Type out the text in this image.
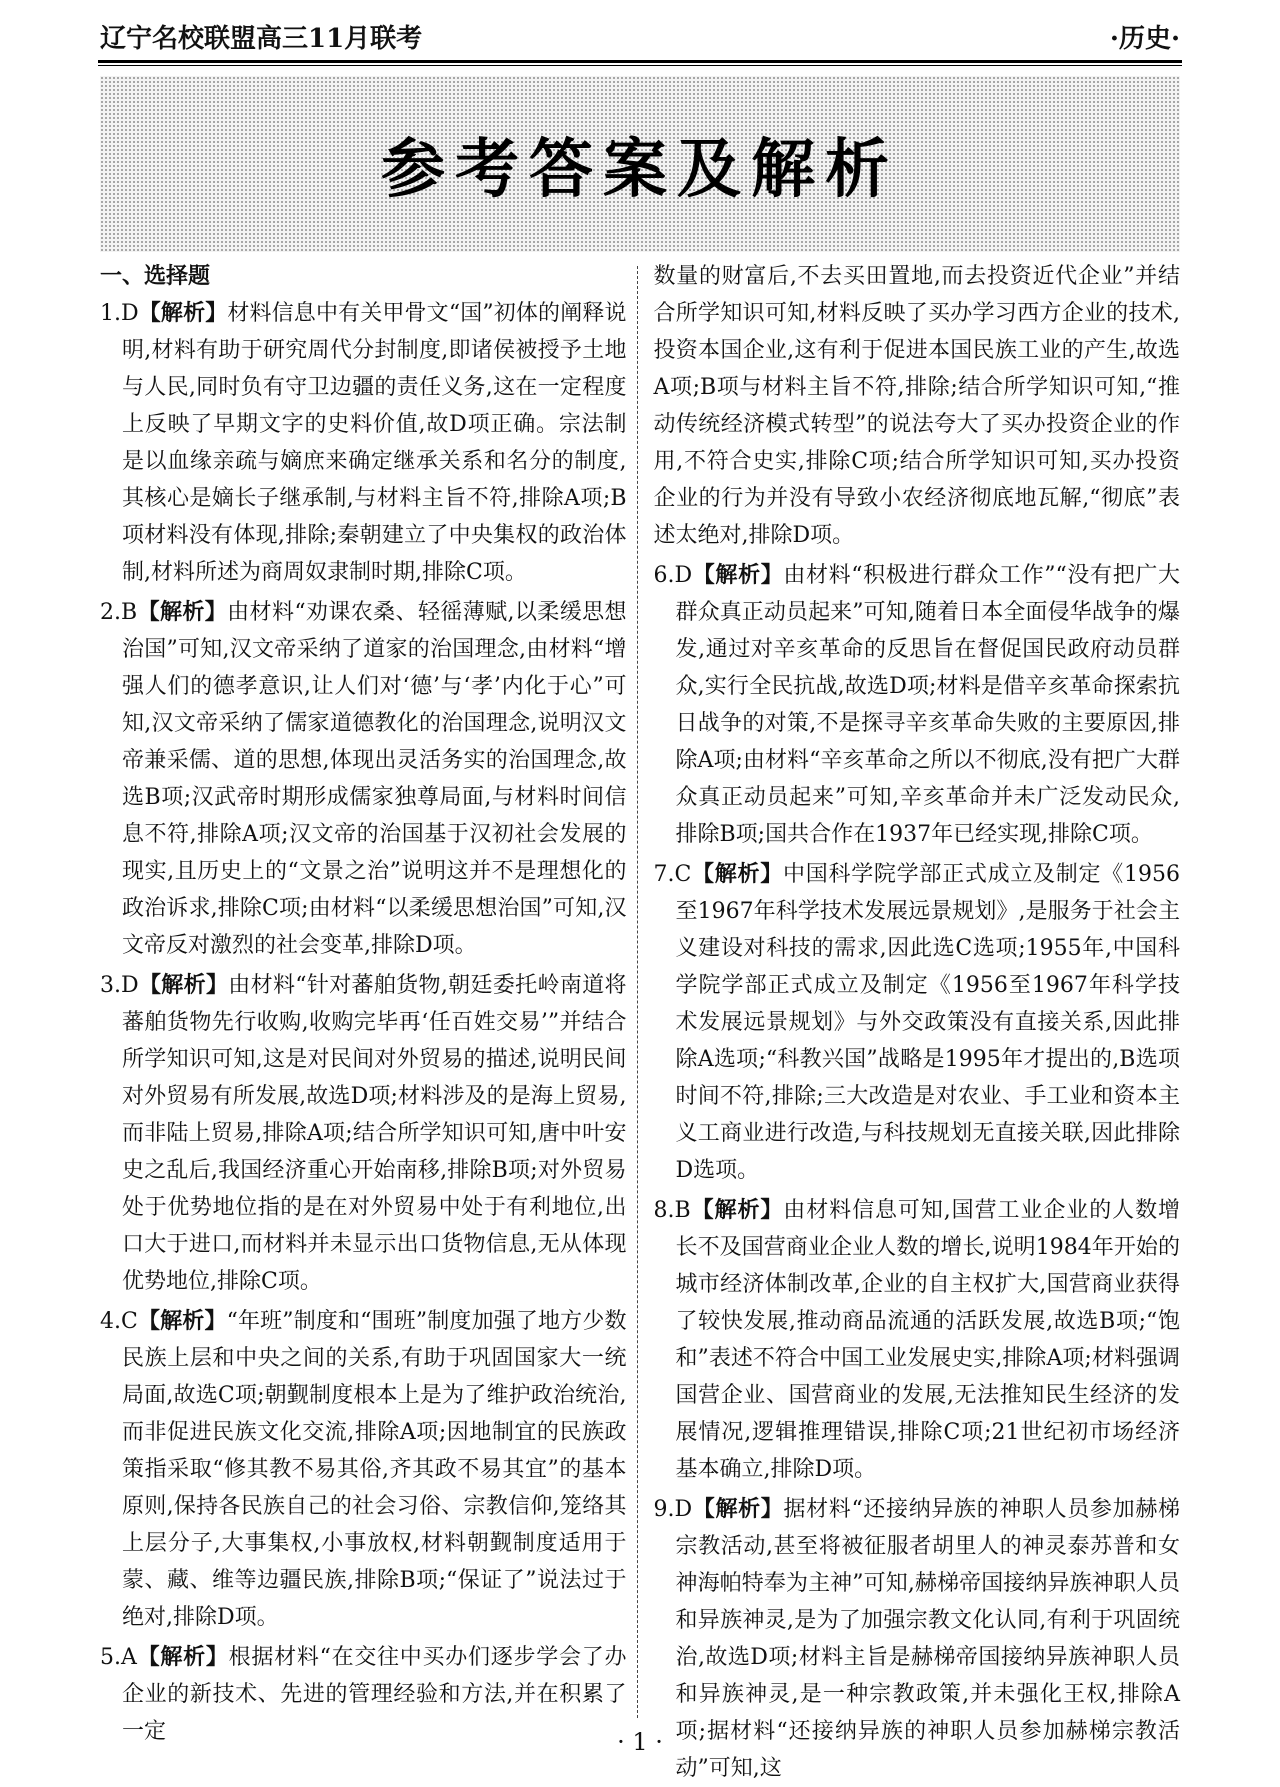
辽宁名校联盟高三11月联考	·历史·
参考答案及解析

一、选择题

1.D【解析】材料信息中有关甲骨文“国”初体的阐释说明,材料有助于研究周代分封制度,即诸侯被授予土地与人民,同时负有守卫边疆的责任义务,这在一定程度上反映了早期文字的史料价值,故D项正确。宗法制是以血缘亲疏与嫡庶来确定继承关系和名分的制度,其核心是嫡长子继承制,与材料主旨不符,排除A项;B项材料没有体现,排除;秦朝建立了中央集权的政治体制,材料所述为商周奴隶制时期,排除C项。

2.B【解析】由材料“劝课农桑、轻徭薄赋,以柔缓思想治国”可知,汉文帝采纳了道家的治国理念,由材料“增强人们的德孝意识,让人们对‘德’与‘孝’内化于心”可知,汉文帝采纳了儒家道德教化的治国理念,说明汉文帝兼采儒、道的思想,体现出灵活务实的治国理念,故选B项;汉武帝时期形成儒家独尊局面,与材料时间信息不符,排除A项;汉文帝的治国基于汉初社会发展的现实,且历史上的“文景之治”说明这并不是理想化的政治诉求,排除C项;由材料“以柔缓思想治国”可知,汉文帝反对激烈的社会变革,排除D项。

3.D【解析】由材料“针对蕃舶货物,朝廷委托岭南道将蕃舶货物先行收购,收购完毕再‘任百姓交易’”并结合所学知识可知,这是对民间对外贸易的描述,说明民间对外贸易有所发展,故选D项;材料涉及的是海上贸易,而非陆上贸易,排除A项;结合所学知识可知,唐中叶安史之乱后,我国经济重心开始南移,排除B项;对外贸易处于优势地位指的是在对外贸易中处于有利地位,出口大于进口,而材料并未显示出口货物信息,无从体现优势地位,排除C项。

4.C【解析】“年班”制度和“围班”制度加强了地方少数民族上层和中央之间的关系,有助于巩固国家大一统局面,故选C项;朝觐制度根本上是为了维护政治统治,而非促进民族文化交流,排除A项;因地制宜的民族政策指采取“修其教不易其俗,齐其政不易其宜”的基本原则,保持各民族自己的社会习俗、宗教信仰,笼络其上层分子,大事集权,小事放权,材料朝觐制度适用于蒙、藏、维等边疆民族,排除B项;“保证了”说法过于绝对,排除D项。

5.A【解析】根据材料“在交往中买办们逐步学会了办企业的新技术、先进的管理经验和方法,并在积累了一定

数量的财富后,不去买田置地,而去投资近代企业”并结合所学知识可知,材料反映了买办学习西方企业的技术,投资本国企业,这有利于促进本国民族工业的产生,故选A项;B项与材料主旨不符,排除;结合所学知识可知,“推动传统经济模式转型”的说法夸大了买办投资企业的作用,不符合史实,排除C项;结合所学知识可知,买办投资企业的行为并没有导致小农经济彻底地瓦解,“彻底”表述太绝对,排除D项。

6.D【解析】由材料“积极进行群众工作”“没有把广大群众真正动员起来”可知,随着日本全面侵华战争的爆发,通过对辛亥革命的反思旨在督促国民政府动员群众,实行全民抗战,故选D项;材料是借辛亥革命探索抗日战争的对策,不是探寻辛亥革命失败的主要原因,排除A项;由材料“辛亥革命之所以不彻底,没有把广大群众真正动员起来”可知,辛亥革命并未广泛发动民众,排除B项;国共合作在1937年已经实现,排除C项。

7.C【解析】中国科学院学部正式成立及制定《1956至1967年科学技术发展远景规划》,是服务于社会主义建设对科技的需求,因此选C选项;1955年,中国科学院学部正式成立及制定《1956至1967年科学技术发展远景规划》与外交政策没有直接关系,因此排除A选项;“科教兴国”战略是1995年才提出的,B选项时间不符,排除;三大改造是对农业、手工业和资本主义工商业进行改造,与科技规划无直接关联,因此排除D选项。

8.B【解析】由材料信息可知,国营工业企业的人数增长不及国营商业企业人数的增长,说明1984年开始的城市经济体制改革,企业的自主权扩大,国营商业获得了较快发展,推动商品流通的活跃发展,故选B项;“饱和”表述不符合中国工业发展史实,排除A项;材料强调国营企业、国营商业的发展,无法推知民生经济的发展情况,逻辑推理错误,排除C项;21世纪初市场经济基本确立,排除D项。

9.D【解析】据材料“还接纳异族的神职人员参加赫梯宗教活动,甚至将被征服者胡里人的神灵泰苏普和女神海帕特奉为主神”可知,赫梯帝国接纳异族神职人员和异族神灵,是为了加强宗教文化认同,有利于巩固统治,故选D项;材料主旨是赫梯帝国接纳异族神职人员和异族神灵,是一种宗教政策,并未强化王权,排除A项;据材料“还接纳异族的神职人员参加赫梯宗教活动”可知,这

· 1 ·
